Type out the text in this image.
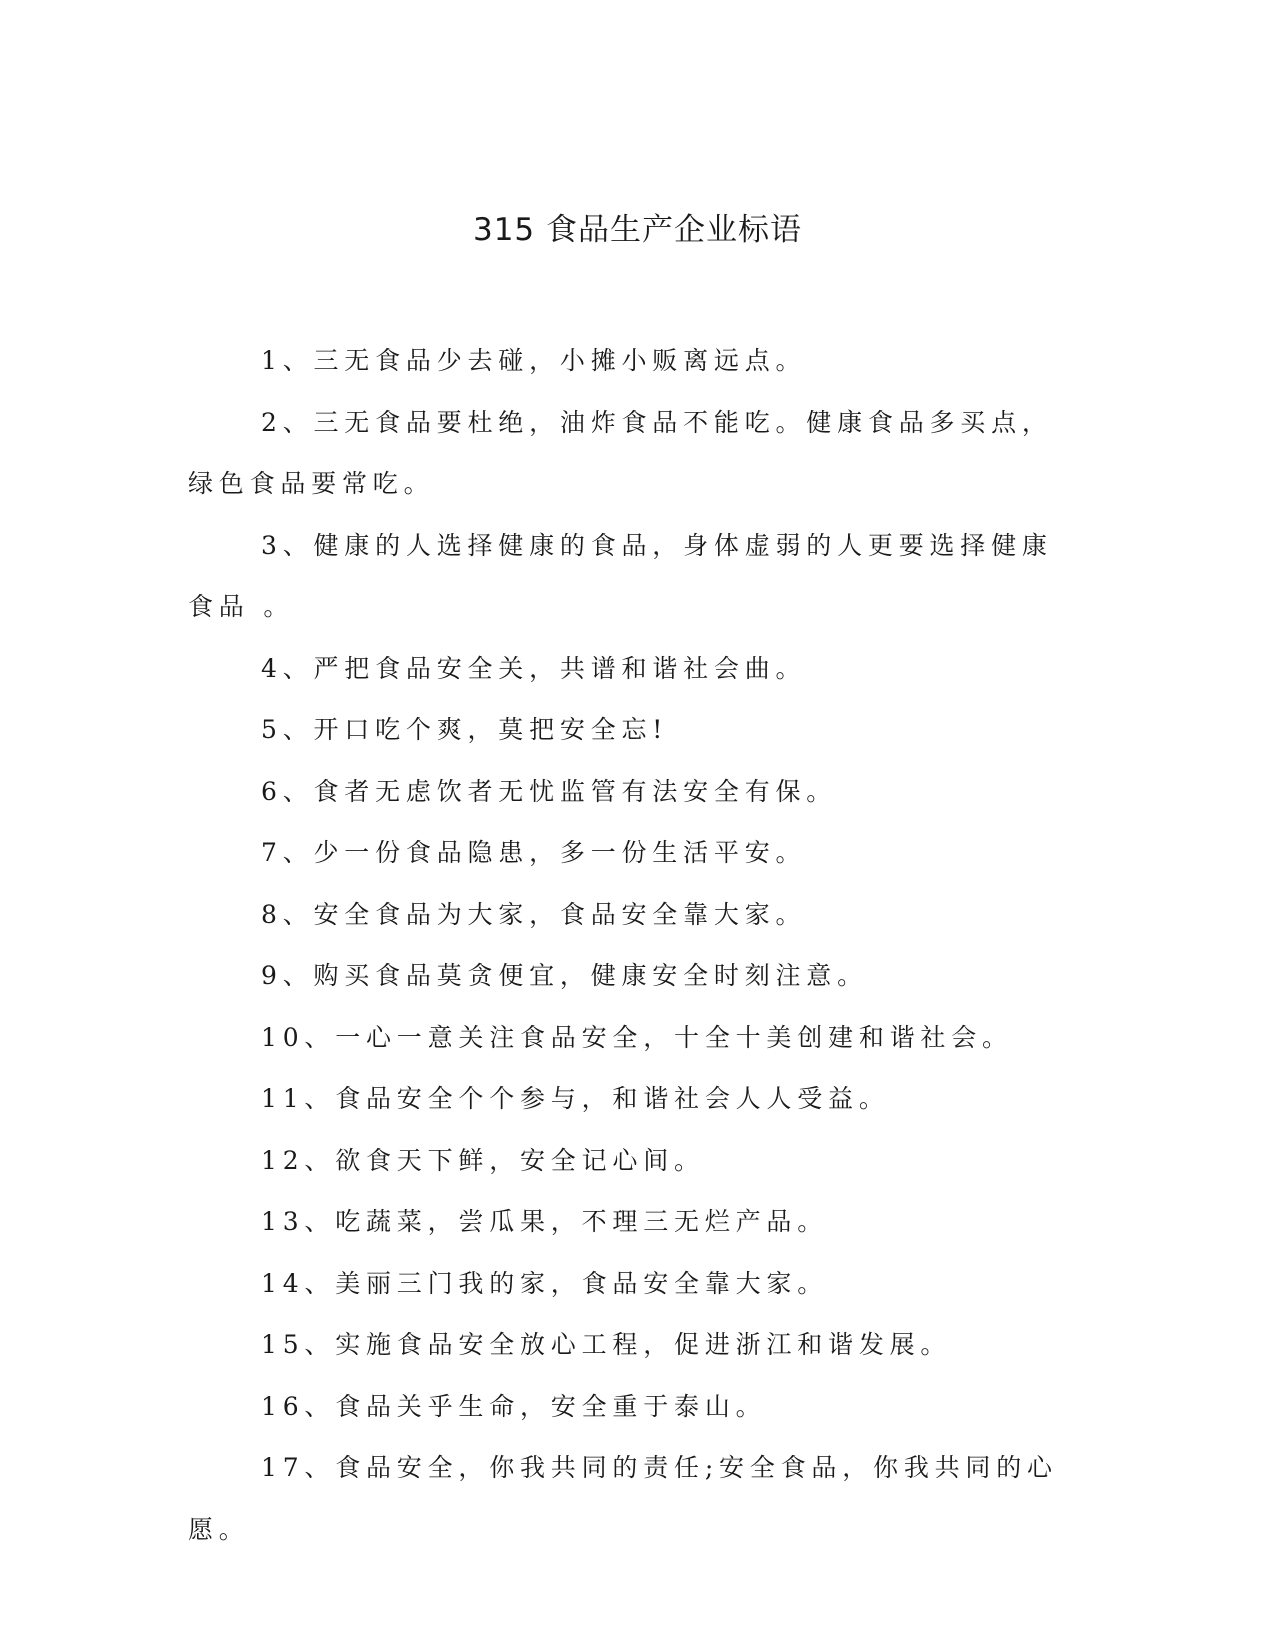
315 食品生产企业标语

1、三无食品少去碰，小摊小贩离远点。

2、三无食品要杜绝，油炸食品不能吃。健康食品多买点，绿色食品要常吃。

3、健康的人选择健康的食品，身体虚弱的人更要选择健康食品 。

4、严把食品安全关，共谱和谐社会曲。

5、开口吃个爽，莫把安全忘!

6、食者无虑饮者无忧监管有法安全有保。

7、少一份食品隐患，多一份生活平安。

8、安全食品为大家，食品安全靠大家。

9、购买食品莫贪便宜，健康安全时刻注意。

10、一心一意关注食品安全，十全十美创建和谐社会。

11、食品安全个个参与，和谐社会人人受益。

12、欲食天下鲜，安全记心间。

13、吃蔬菜，尝瓜果，不理三无烂产品。

14、美丽三门我的家，食品安全靠大家。

15、实施食品安全放心工程，促进浙江和谐发展。

16、食品关乎生命，安全重于泰山。

17、食品安全，你我共同的责任;安全食品，你我共同的心愿。
